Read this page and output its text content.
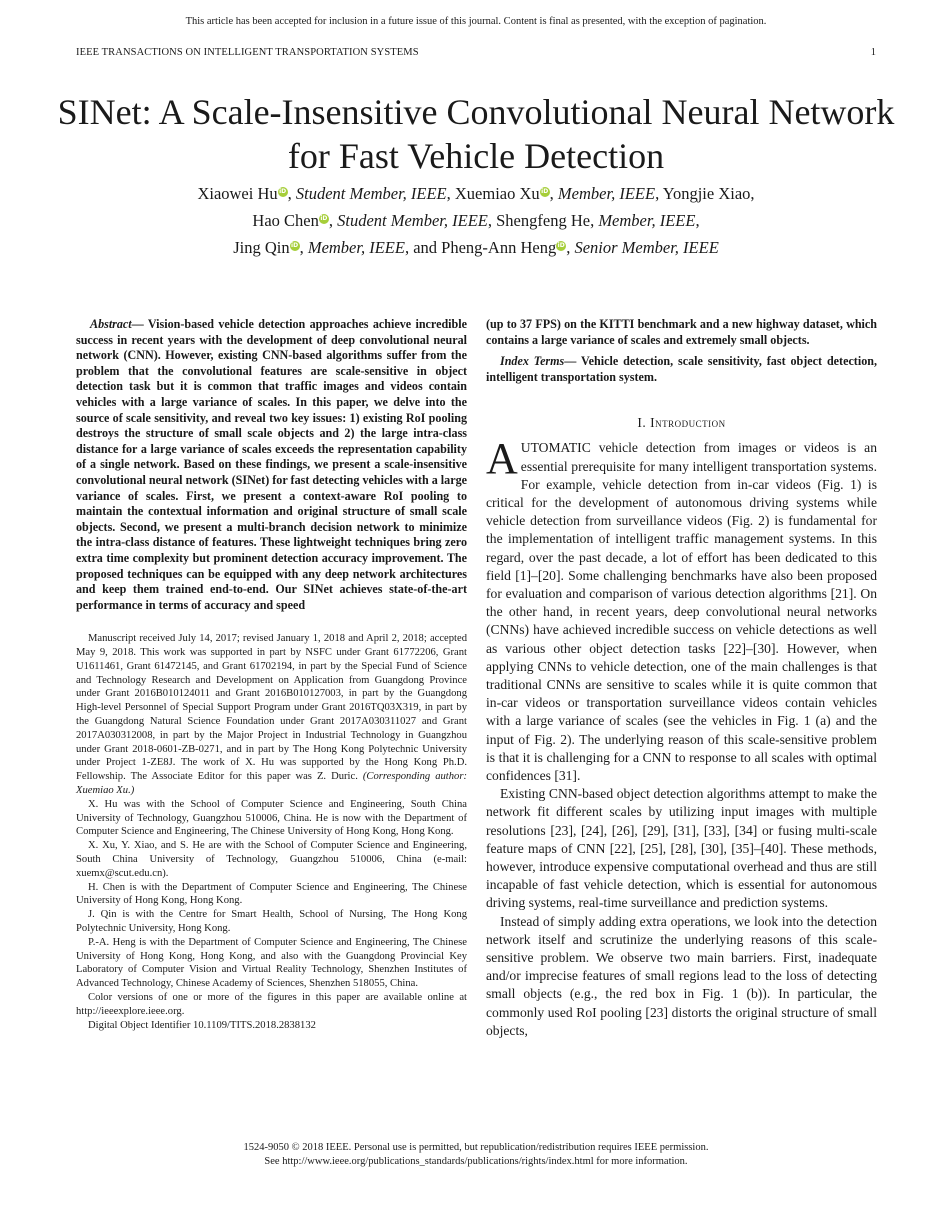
This article has been accepted for inclusion in a future issue of this journal. Content is final as presented, with the exception of pagination.
IEEE TRANSACTIONS ON INTELLIGENT TRANSPORTATION SYSTEMS	1
SINet: A Scale-Insensitive Convolutional Neural Network for Fast Vehicle Detection
Xiaowei HuiD, Student Member, IEEE, Xuemiao XuiD, Member, IEEE, Yongjie Xiao,
Hao CheniD, Student Member, IEEE, Shengfeng He, Member, IEEE,
Jing QiniD, Member, IEEE, and Pheng-Ann HengiD, Senior Member, IEEE

Abstract— Vision-based vehicle detection approaches achieve incredible success in recent years with the development of deep convolutional neural network (CNN). However, existing CNN-based algorithms suffer from the problem that the convolutional features are scale-sensitive in object detection task but it is common that traffic images and videos contain vehicles with a large variance of scales. In this paper, we delve into the source of scale sensitivity, and reveal two key issues: 1) existing RoI pooling destroys the structure of small scale objects and 2) the large intra-class distance for a large variance of scales exceeds the representation capability of a single network. Based on these findings, we present a scale-insensitive convolutional neural network (SINet) for fast detecting vehicles with a large variance of scales. First, we present a context-aware RoI pooling to maintain the contextual information and original structure of small scale objects. Second, we present a multi-branch decision network to minimize the intra-class distance of features. These lightweight techniques bring zero extra time complexity but prominent detection accuracy improvement. The proposed techniques can be equipped with any deep network architectures and keep them trained end-to-end. Our SINet achieves state-of-the-art performance in terms of accuracy and speed

Manuscript received July 14, 2017; revised January 1, 2018 and April 2, 2018; accepted May 9, 2018. This work was supported in part by NSFC under Grant 61772206, Grant U1611461, Grant 61472145, and Grant 61702194, in part by the Special Fund of Science and Technology Research and Development on Application from Guangdong Province under Grant 2016B010124011 and Grant 2016B010127003, in part by the Guangdong High-level Personnel of Special Support Program under Grant 2016TQ03X319, in part by the Guangdong Natural Science Foundation under Grant 2017A030311027 and Grant 2017A030312008, in part by the Major Project in Industrial Technology in Guangzhou under Grant 2018-0601-ZB-0271, and in part by The Hong Kong Polytechnic University under Project 1-ZE8J. The work of X. Hu was supported by the Hong Kong Ph.D. Fellowship. The Associate Editor for this paper was Z. Duric. (Corresponding author: Xuemiao Xu.)

X. Hu was with the School of Computer Science and Engineering, South China University of Technology, Guangzhou 510006, China. He is now with the Department of Computer Science and Engineering, The Chinese University of Hong Kong, Hong Kong.

X. Xu, Y. Xiao, and S. He are with the School of Computer Science and Engineering, South China University of Technology, Guangzhou 510006, China (e-mail: xuemx@scut.edu.cn).

H. Chen is with the Department of Computer Science and Engineering, The Chinese University of Hong Kong, Hong Kong.

J. Qin is with the Centre for Smart Health, School of Nursing, The Hong Kong Polytechnic University, Hong Kong.

P.-A. Heng is with the Department of Computer Science and Engineering, The Chinese University of Hong Kong, Hong Kong, and also with the Guangdong Provincial Key Laboratory of Computer Vision and Virtual Reality Technology, Shenzhen Institutes of Advanced Technology, Chinese Academy of Sciences, Shenzhen 518055, China.

Color versions of one or more of the figures in this paper are available online at http://ieeexplore.ieee.org.

Digital Object Identifier 10.1109/TITS.2018.2838132

(up to 37 FPS) on the KITTI benchmark and a new highway dataset, which contains a large variance of scales and extremely small objects.

Index Terms— Vehicle detection, scale sensitivity, fast object detection, intelligent transportation system.

I. Introduction

AUTOMATIC vehicle detection from images or videos is an essential prerequisite for many intelligent transportation systems. For example, vehicle detection from in-car videos (Fig. 1) is critical for the development of autonomous driving systems while vehicle detection from surveillance videos (Fig. 2) is fundamental for the implementation of intelligent traffic management systems. In this regard, over the past decade, a lot of effort has been dedicated to this field [1]–[20]. Some challenging benchmarks have also been proposed for evaluation and comparison of various detection algorithms [21]. On the other hand, in recent years, deep convolutional neural networks (CNNs) have achieved incredible success on vehicle detections as well as various other object detection tasks [22]–[30]. However, when applying CNNs to vehicle detection, one of the main challenges is that traditional CNNs are sensitive to scales while it is quite common that in-car videos or transportation surveillance videos contain vehicles with a large variance of scales (see the vehicles in Fig. 1 (a) and the input of Fig. 2). The underlying reason of this scale-sensitive problem is that it is challenging for a CNN to response to all scales with optimal confidences [31].

Existing CNN-based object detection algorithms attempt to make the network fit different scales by utilizing input images with multiple resolutions [23], [24], [26], [29], [31], [33], [34] or fusing multi-scale feature maps of CNN [22], [25], [28], [30], [35]–[40]. These methods, however, introduce expensive computational overhead and thus are still incapable of fast vehicle detection, which is essential for autonomous driving systems, real-time surveillance and prediction systems.

Instead of simply adding extra operations, we look into the detection network itself and scrutinize the underlying reasons of this scale-sensitive problem. We observe two main barriers. First, inadequate and/or imprecise features of small regions lead to the loss of detecting small objects (e.g., the red box in Fig. 1 (b)). In particular, the commonly used RoI pooling [23] distorts the original structure of small objects,

1524-9050 © 2018 IEEE. Personal use is permitted, but republication/redistribution requires IEEE permission.
See http://www.ieee.org/publications_standards/publications/rights/index.html for more information.
